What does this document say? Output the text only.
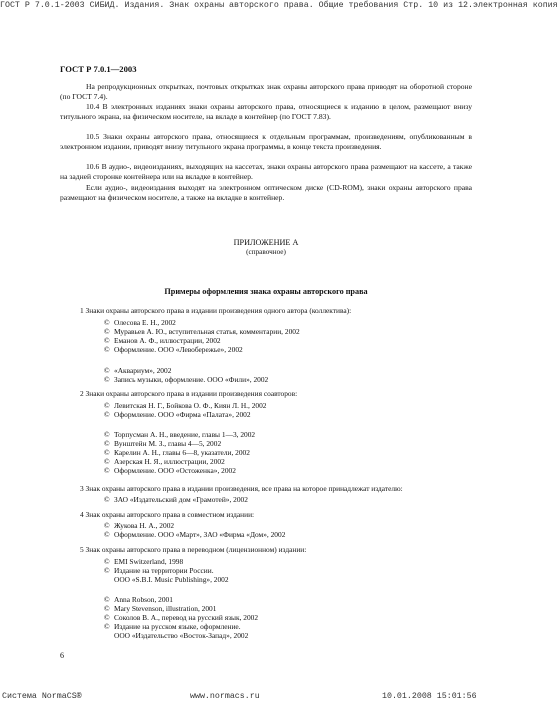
ГОСТ Р 7.0.1-2003 СИБИД. Издания. Знак охраны авторского права. Общие требования Стр. 10 из 12.электронная копия
ГОСТ Р 7.0.1—2003
На репродукционных открытках, почтовых открытках знак охраны авторского права приводят на оборотной стороне (по ГОСТ 7.4).
10.4 В электронных изданиях знаки охраны авторского права, относящиеся к изданию в целом, размещают внизу титульного экрана, на физическом носителе, на вкладе в контейнер (по ГОСТ 7.83).
10.5 Знаки охраны авторского права, относящиеся к отдельным программам, произведениям, опубликованным в электронном издании, приводят внизу титульного экрана программы, в конце текста произведения.
10.6 В аудио-, видеоизданиях, выходящих на кассетах, знаки охраны авторского права размещают на кассете, а также на задней сторонке контейнера или на вкладке в контейнер.
Если аудио-, видеоиздания выходят на электронном оптическом диске (CD-ROM), знаки охраны авторского права размещают на физическом носителе, а также на вкладке в контейнер.
ПРИЛОЖЕНИЕ А
(справочное)
Примеры оформления знака охраны авторского права
1 Знаки охраны авторского права в издании произведения одного автора (коллектива):
2 Знаки охраны авторского права в издании произведения соавторов:
3 Знак охраны авторского права в издании произведения, все права на которое принадлежат издателю:
4 Знак охраны авторского права в совместном издании:
5 Знак охраны авторского права в переводном (лицензионном) издании:
© Олесова Е. Н., 2002
© Муравьев А. Ю., вступительная статья, комментарии, 2002
© Еманов А. Ф., иллюстрации, 2002
© Оформление. ООО «Левобережье», 2002
© «Аквариум», 2002
© Запись музыки, оформление. ООО «Фили», 2002
© Левитская Н. Г., Бойкова О. Ф., Киян Л. Н., 2002
© Оформление. ООО «Фирма «Палата», 2002
© Торпусман А. Н., введение, главы 1—3, 2002
© Вунштейн М. З., главы 4—5, 2002
© Карелин А. Н., главы 6—8, указатели, 2002
© Азерская Н. Я., иллюстрации, 2002
© Оформление. ООО «Остоженка», 2002
© ЗАО «Издательский дом «Грамотей», 2002
© Жукова Н. А., 2002
© Оформление. ООО «Март», ЗАО «Фирма «Дом», 2002
© EMI Switzerland, 1998
© Издание на территории России.
ООО «S.B.I. Music Publishing», 2002
© Anna Robson, 2001
© Mary Stevenson, illustration, 2001
© Соколов В. А., перевод на русский язык, 2002
© Издание на русском языке, оформление.
ООО «Издательство «Восток-Запад», 2002
6
Система NormaCS®	www.normacs.ru	10.01.2008 15:01:56
